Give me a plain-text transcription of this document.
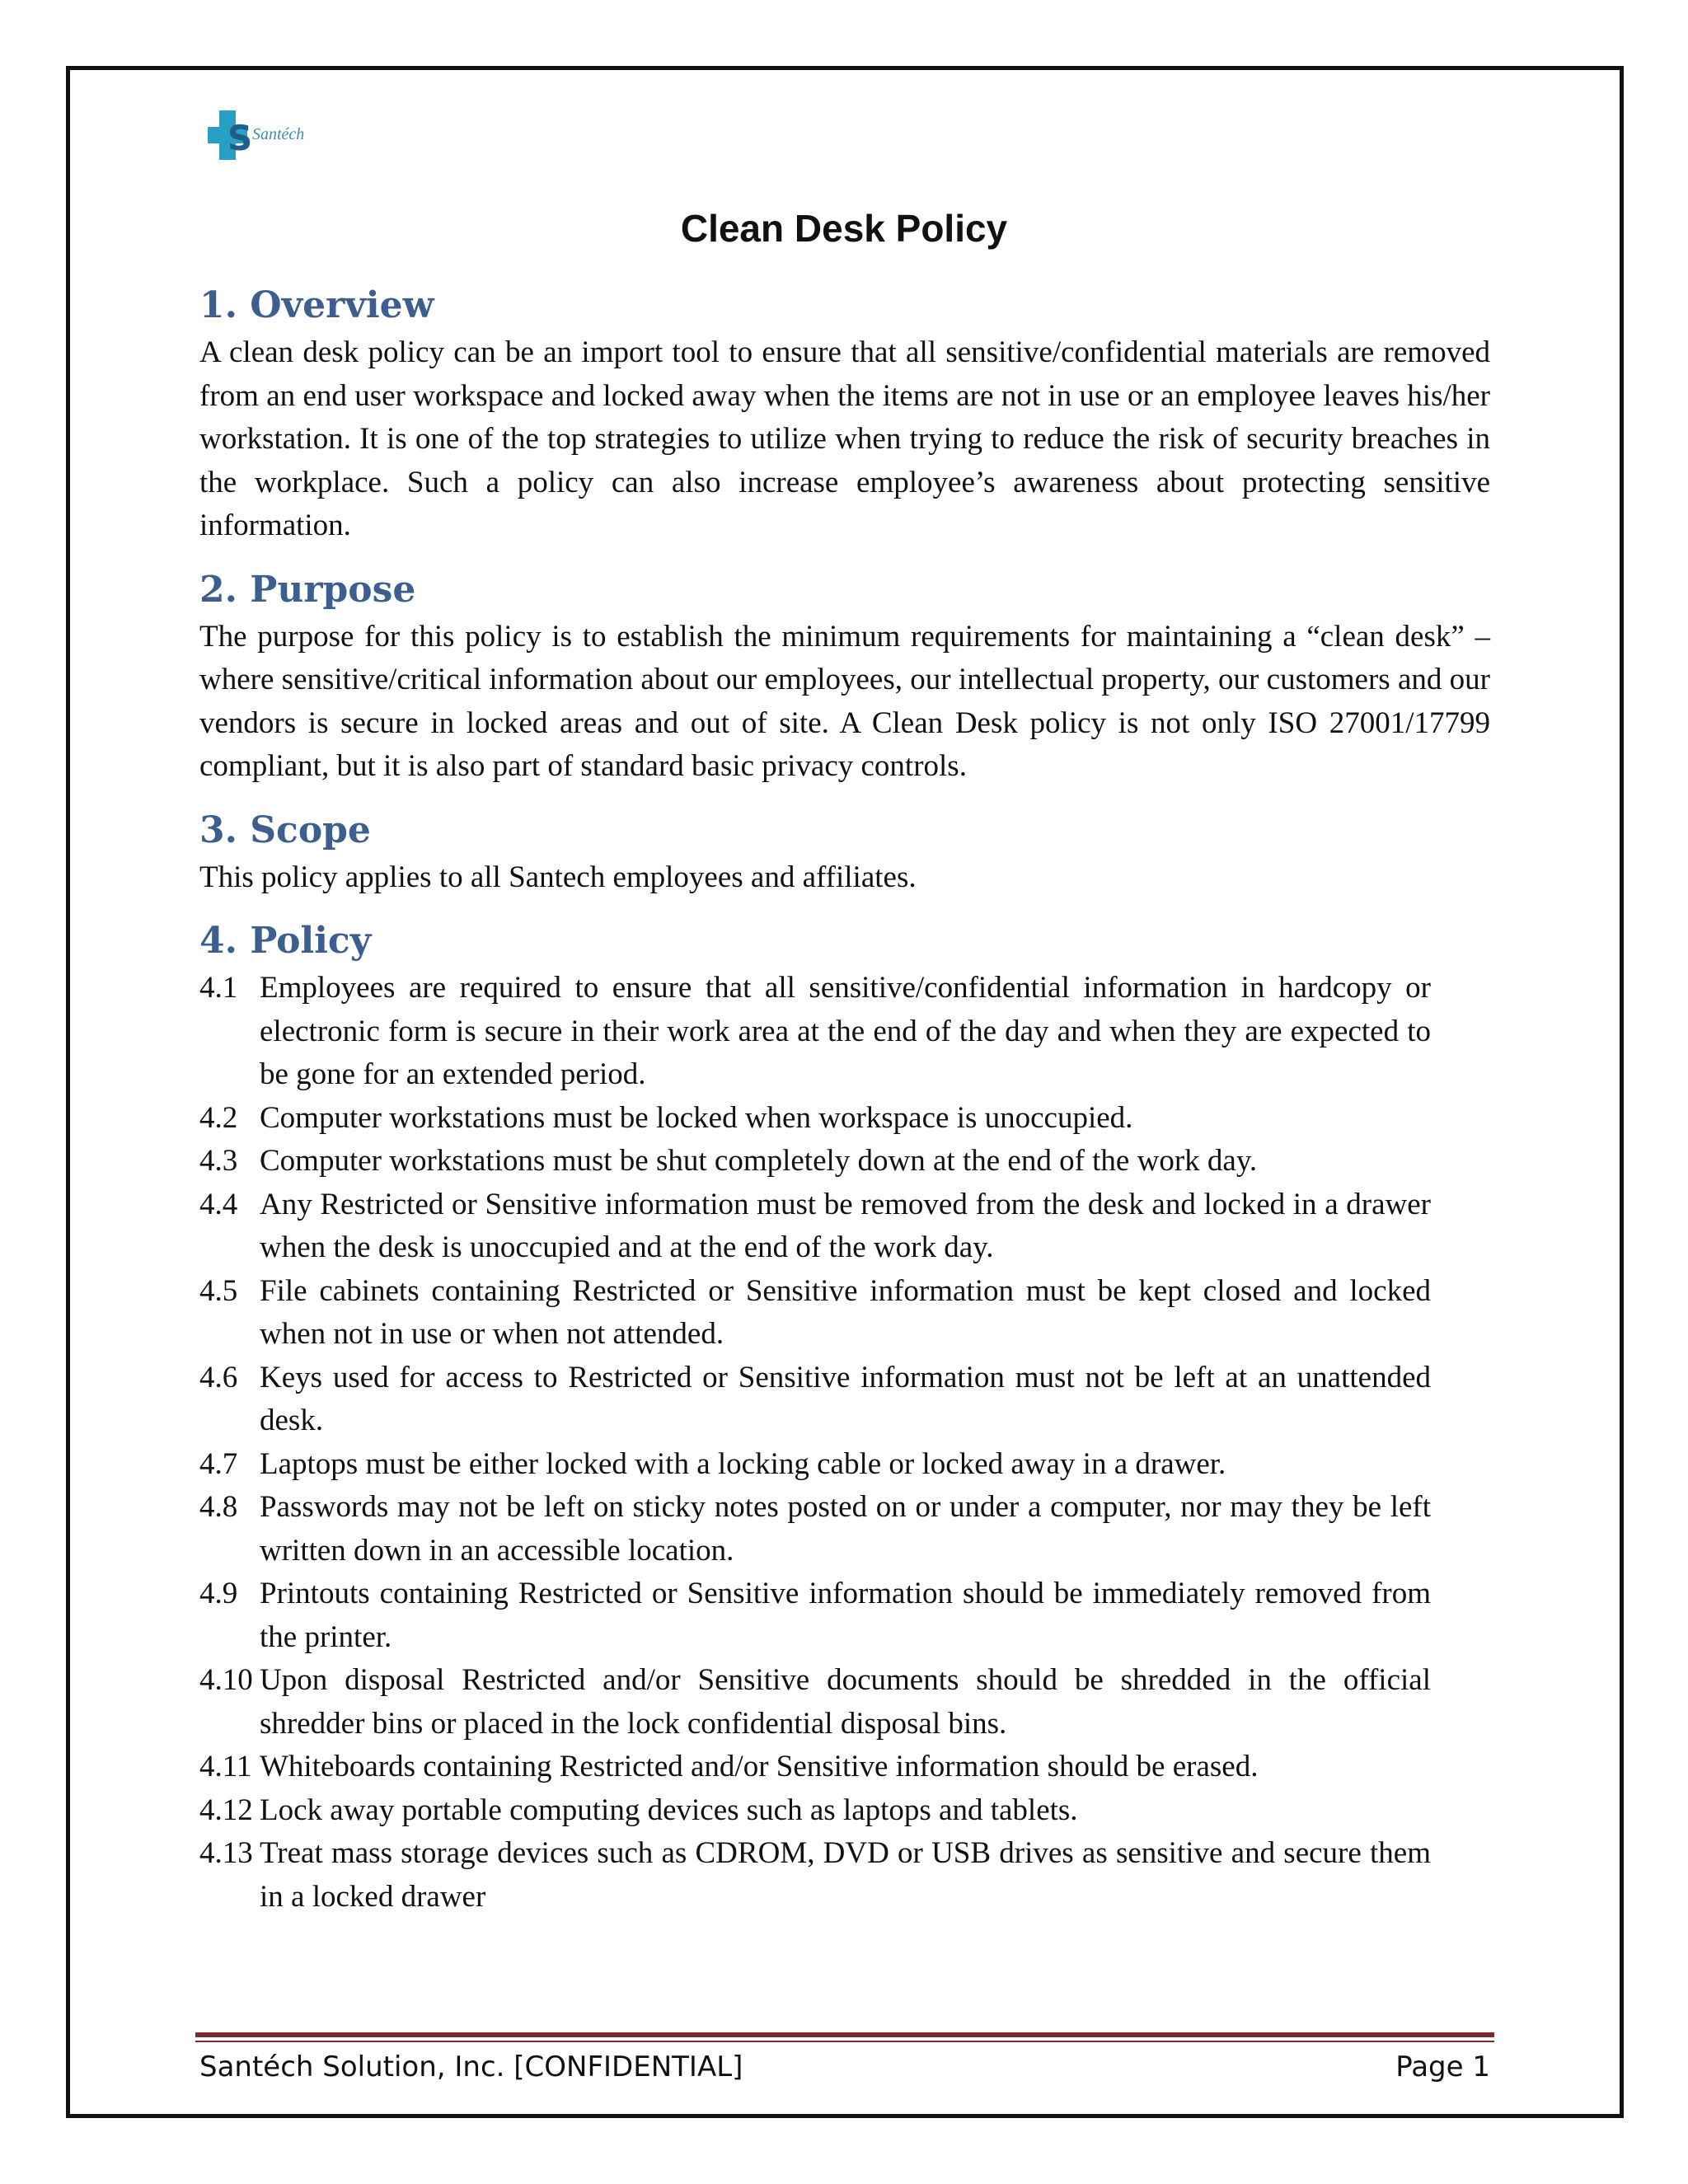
S Santéch
Clean Desk Policy
1. Overview

A clean desk policy can be an import tool to ensure that all sensitive/confidential materials are removed from an end user workspace and locked away when the items are not in use or an employee leaves his/her workstation. It is one of the top strategies to utilize when trying to reduce the risk of security breaches in the workplace. Such a policy can also increase employee’s awareness about protecting sensitive information.

2. Purpose

The purpose for this policy is to establish the minimum requirements for maintaining a “clean desk” – where sensitive/critical information about our employees, our intellectual property, our customers and our vendors is secure in locked areas and out of site. A Clean Desk policy is not only ISO 27001/17799 compliant, but it is also part of standard basic privacy controls.

3. Scope

This policy applies to all Santech employees and affiliates.

4. Policy
4.1 Employees are required to ensure that all sensitive/confidential information in hardcopy or electronic form is secure in their work area at the end of the day and when they are expected to be gone for an extended period.
4.2 Computer workstations must be locked when workspace is unoccupied.
4.3 Computer workstations must be shut completely down at the end of the work day.
4.4 Any Restricted or Sensitive information must be removed from the desk and locked in a drawer when the desk is unoccupied and at the end of the work day.
4.5 File cabinets containing Restricted or Sensitive information must be kept closed and locked when not in use or when not attended.
4.6 Keys used for access to Restricted or Sensitive information must not be left at an unattended desk.
4.7 Laptops must be either locked with a locking cable or locked away in a drawer.
4.8 Passwords may not be left on sticky notes posted on or under a computer, nor may they be left written down in an accessible location.
4.9 Printouts containing Restricted or Sensitive information should be immediately removed from the printer.
4.10 Upon disposal Restricted and/or Sensitive documents should be shredded in the official shredder bins or placed in the lock confidential disposal bins.
4.11 Whiteboards containing Restricted and/or Sensitive information should be erased.
4.12 Lock away portable computing devices such as laptops and tablets.
4.13 Treat mass storage devices such as CDROM, DVD or USB drives as sensitive and secure them in a locked drawer
Santéch Solution, Inc. [CONFIDENTIAL]	Page 1
